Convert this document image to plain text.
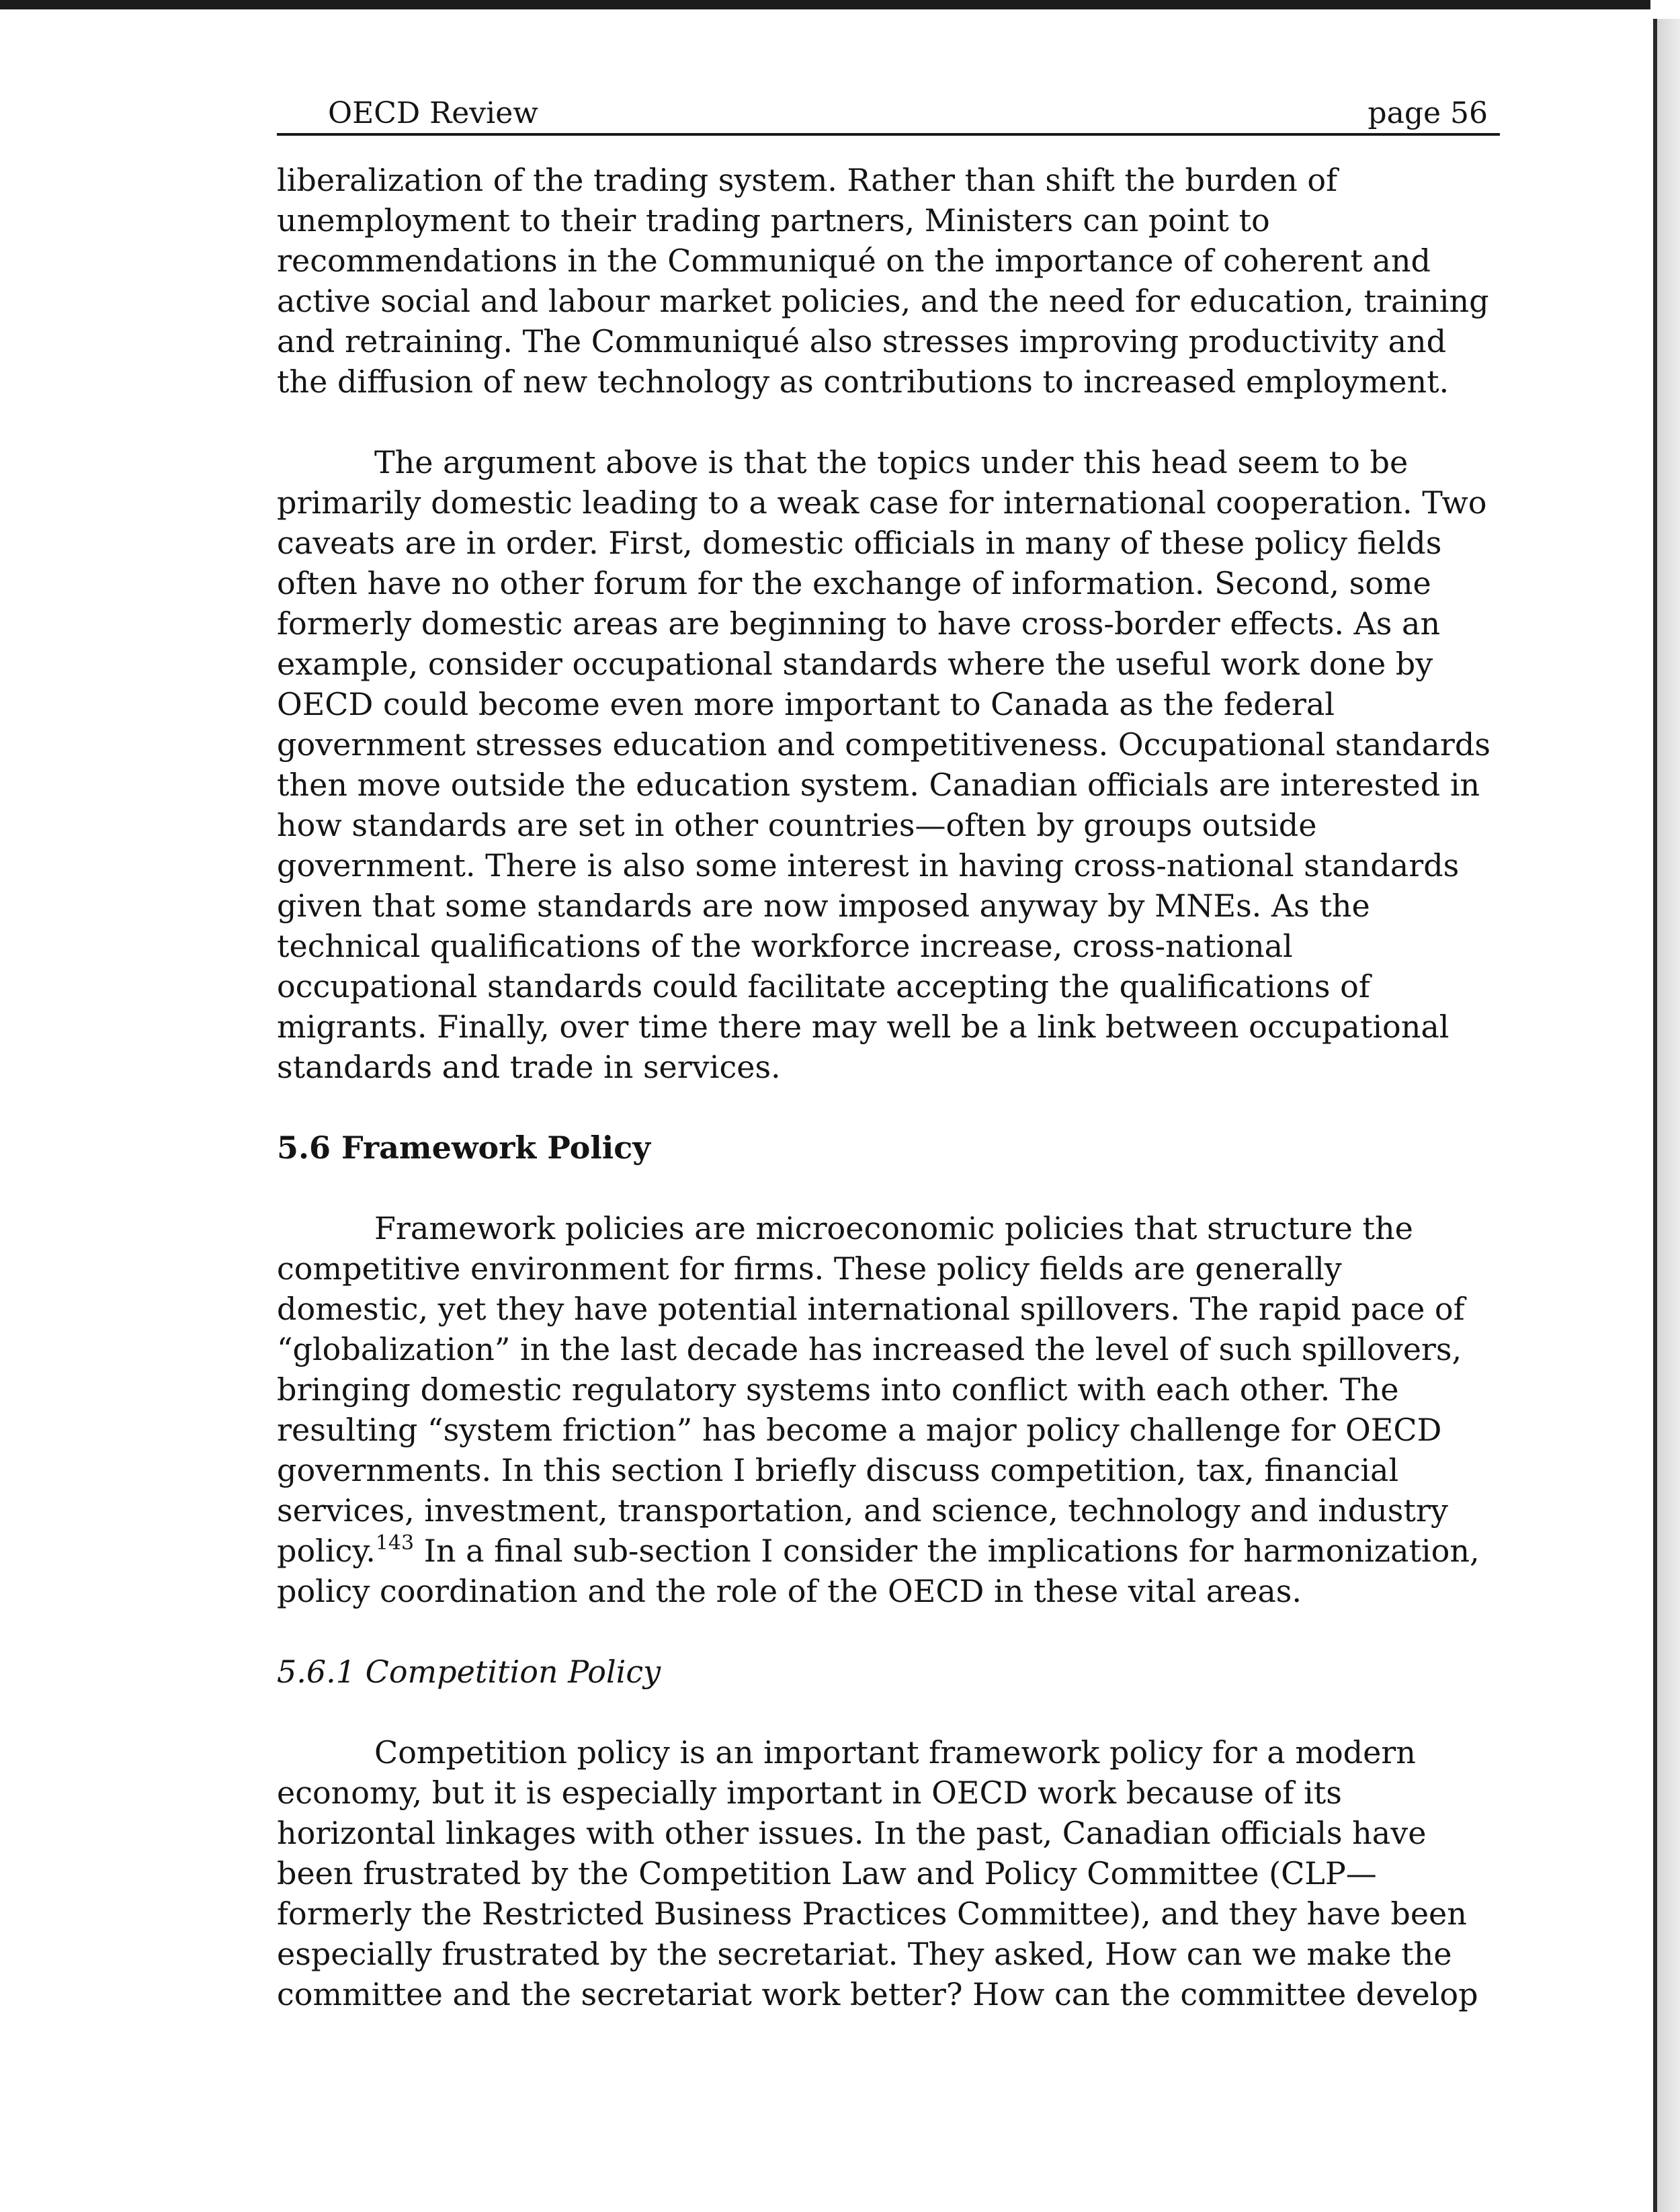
OECD Review	page 56

liberalization of the trading system. Rather than shift the burden of unemployment to their trading partners, Ministers can point to recommendations in the Communiqué on the importance of coherent and active social and labour market policies, and the need for education, training and retraining. The Communiqué also stresses improving productivity and the diffusion of new technology as contributions to increased employment.

The argument above is that the topics under this head seem to be primarily domestic leading to a weak case for international cooperation. Two caveats are in order. First, domestic officials in many of these policy fields often have no other forum for the exchange of information. Second, some formerly domestic areas are beginning to have cross-border effects. As an example, consider occupational standards where the useful work done by OECD could become even more important to Canada as the federal government stresses education and competitiveness. Occupational standards then move outside the education system. Canadian officials are interested in how standards are set in other countries—often by groups outside government. There is also some interest in having cross-national standards given that some standards are now imposed anyway by MNEs. As the technical qualifications of the workforce increase, cross-national occupational standards could facilitate accepting the qualifications of migrants. Finally, over time there may well be a link between occupational standards and trade in services.

5.6 Framework Policy

Framework policies are microeconomic policies that structure the competitive environment for firms. These policy fields are generally domestic, yet they have potential international spillovers. The rapid pace of “globalization” in the last decade has increased the level of such spillovers, bringing domestic regulatory systems into conflict with each other. The resulting “system friction” has become a major policy challenge for OECD governments. In this section I briefly discuss competition, tax, financial services, investment, transportation, and science, technology and industry policy.$^{143}$ In a final sub-section I consider the implications for harmonization, policy coordination and the role of the OECD in these vital areas.

5.6.1 Competition Policy

Competition policy is an important framework policy for a modern economy, but it is especially important in OECD work because of its horizontal linkages with other issues. In the past, Canadian officials have been frustrated by the Competition Law and Policy Committee (CLP—formerly the Restricted Business Practices Committee), and they have been especially frustrated by the secretariat. They asked, How can we make the committee and the secretariat work better? How can the committee develop
